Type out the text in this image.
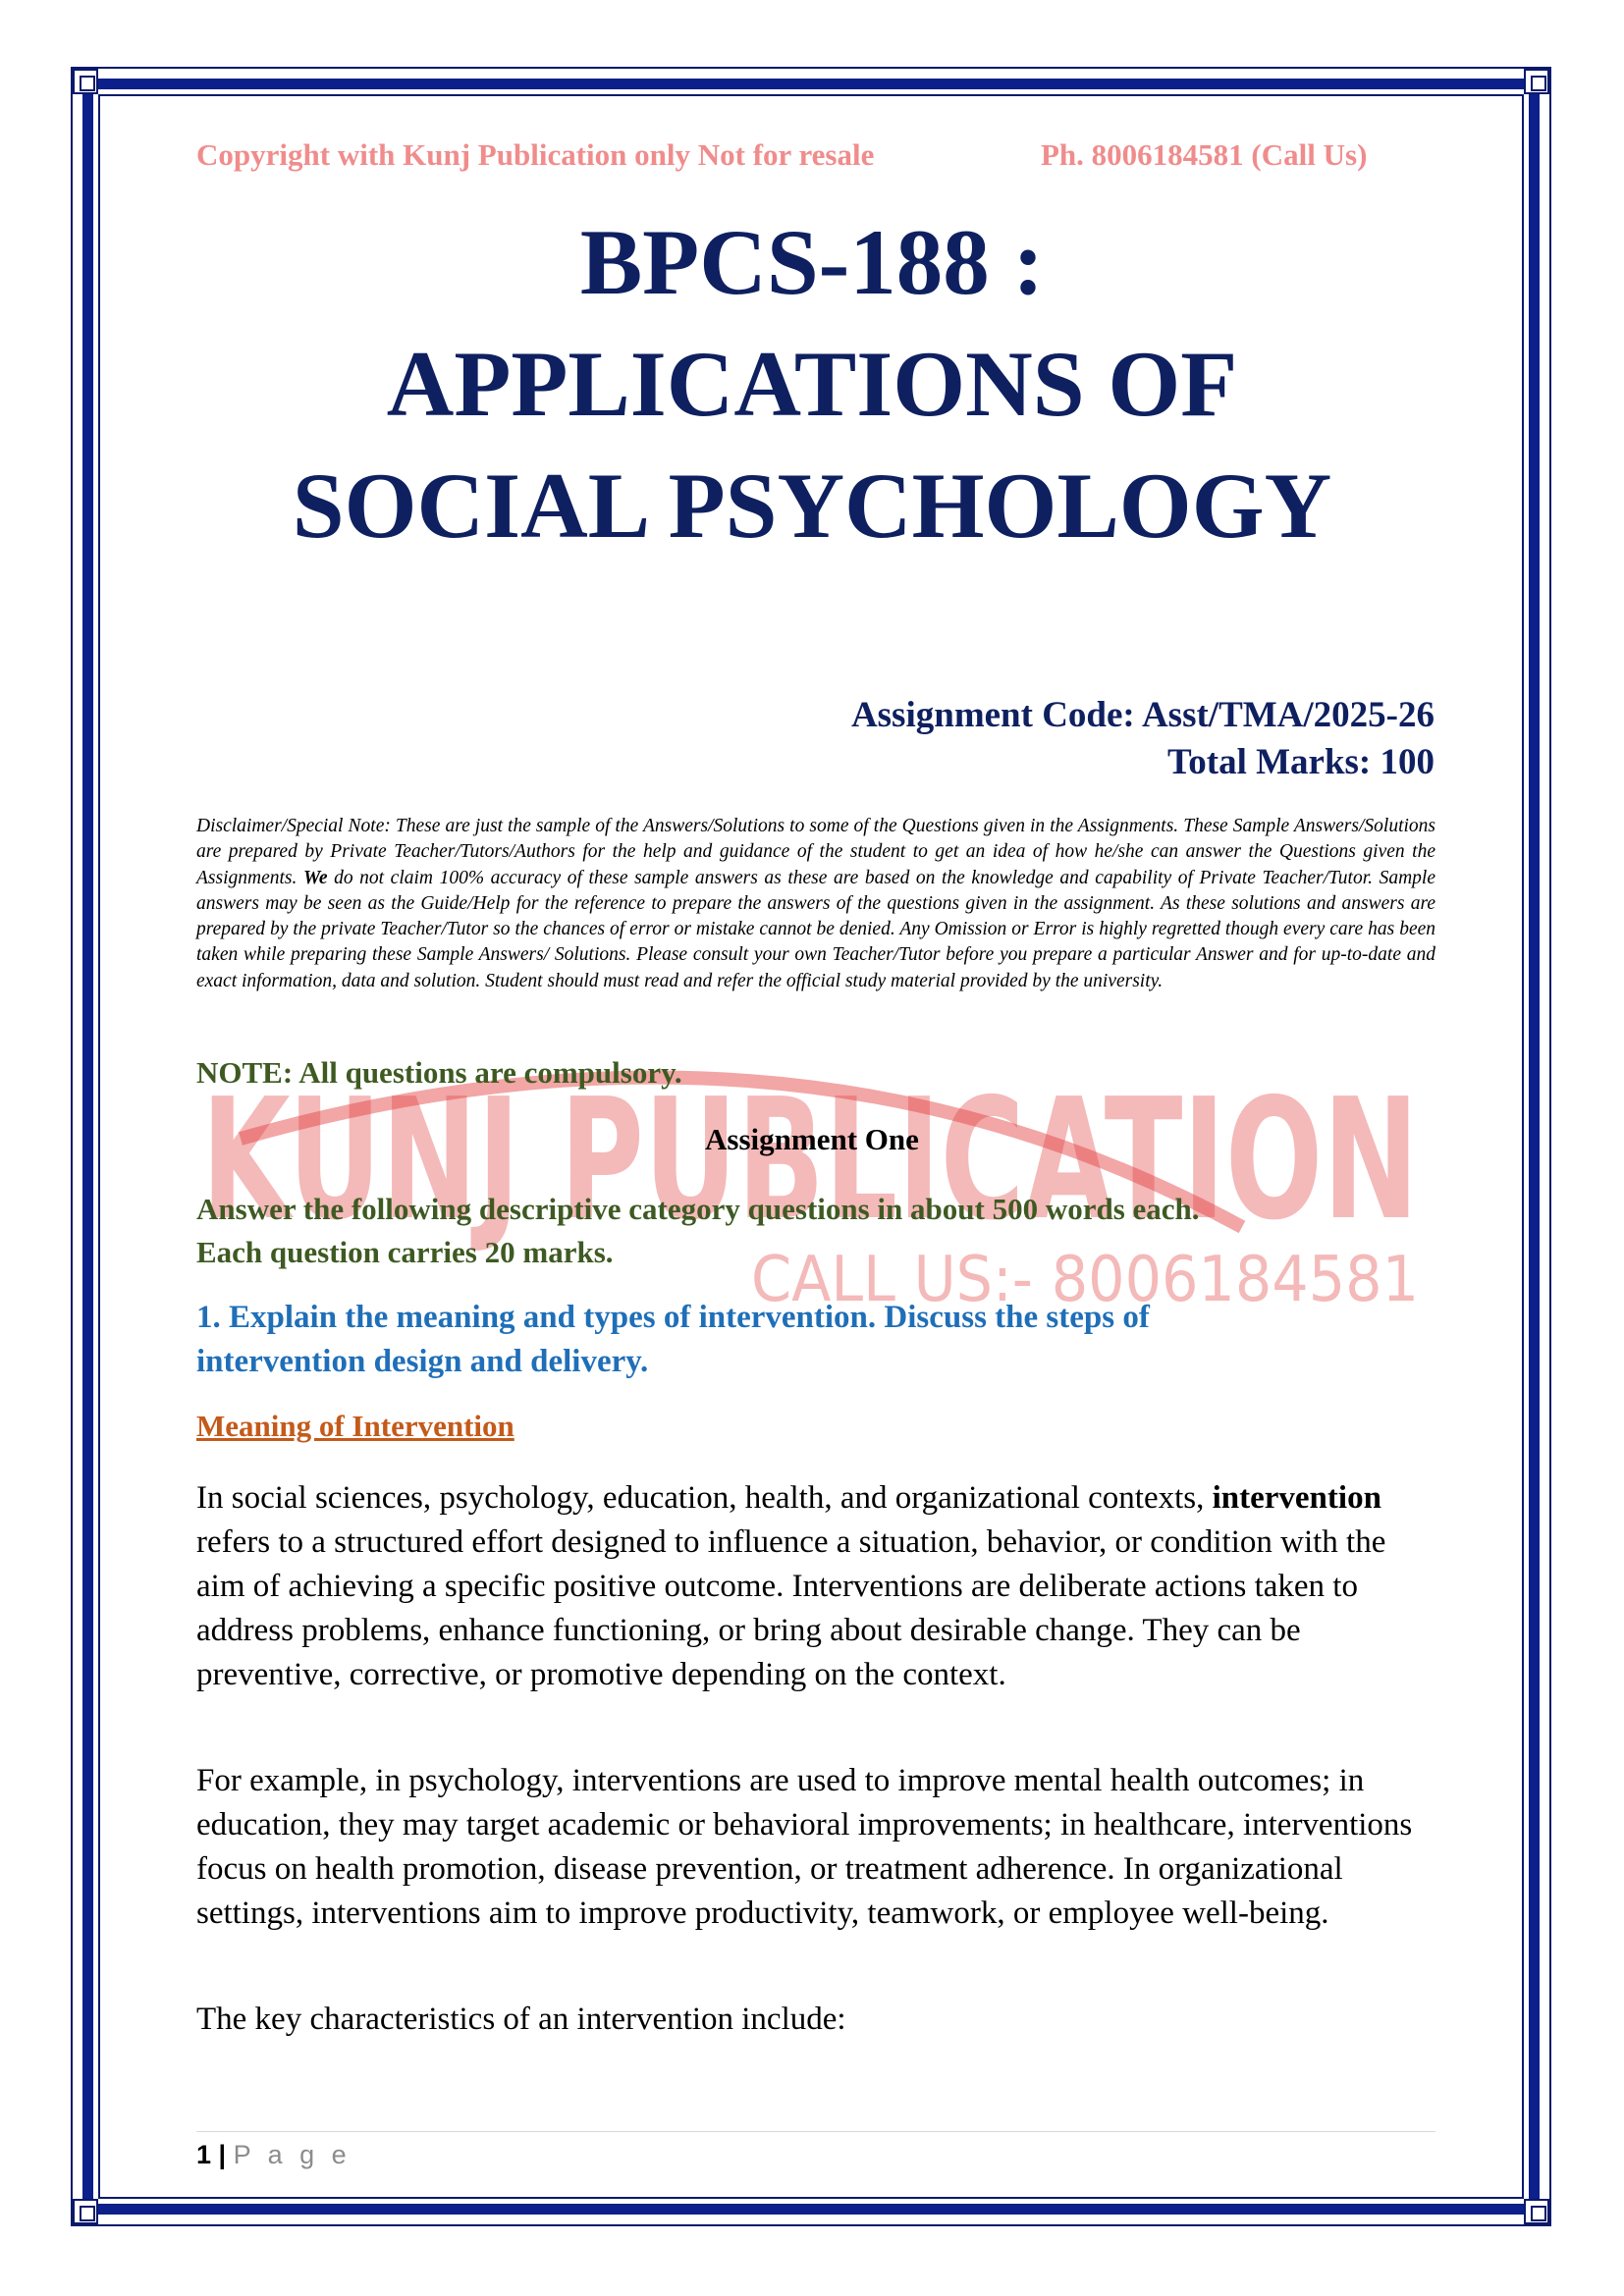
KUNJ PUBLICATION
CALL US:- 8006184581
Copyright with Kunj Publication only Not for resale	Ph. 8006184581 (Call Us)
BPCS-188 :
APPLICATIONS OF
SOCIAL PSYCHOLOGY
Assignment Code: Asst/TMA/2025-26
Total Marks: 100
Disclaimer/Special Note: These are just the sample of the Answers/Solutions to some of the Questions given in the Assignments. These Sample Answers/Solutions are prepared by Private Teacher/Tutors/Authors for the help and guidance of the student to get an idea of how he/she can answer the Questions given the Assignments. We do not claim 100% accuracy of these sample answers as these are based on the knowledge and capability of Private Teacher/Tutor. Sample answers may be seen as the Guide/Help for the reference to prepare the answers of the questions given in the assignment. As these solutions and answers are prepared by the private Teacher/Tutor so the chances of error or mistake cannot be denied. Any Omission or Error is highly regretted though every care has been taken while preparing these Sample Answers/ Solutions. Please consult your own Teacher/Tutor before you prepare a particular Answer and for up-to-date and exact information, data and solution. Student should must read and refer the official study material provided by the university.
NOTE: All questions are compulsory.
Assignment One
Answer the following descriptive category questions in about 500 words each.
Each question carries 20 marks.
1. Explain the meaning and types of intervention. Discuss the steps of
intervention design and delivery.
Meaning of Intervention
In social sciences, psychology, education, health, and organizational contexts, intervention refers to a structured effort designed to influence a situation, behavior, or condition with the aim of achieving a specific positive outcome. Interventions are deliberate actions taken to address problems, enhance functioning, or bring about desirable change. They can be preventive, corrective, or promotive depending on the context.
For example, in psychology, interventions are used to improve mental health outcomes; in education, they may target academic or behavioral improvements; in healthcare, interventions focus on health promotion, disease prevention, or treatment adherence. In organizational settings, interventions aim to improve productivity, teamwork, or employee well-being.
The key characteristics of an intervention include:
1 | P a g e
